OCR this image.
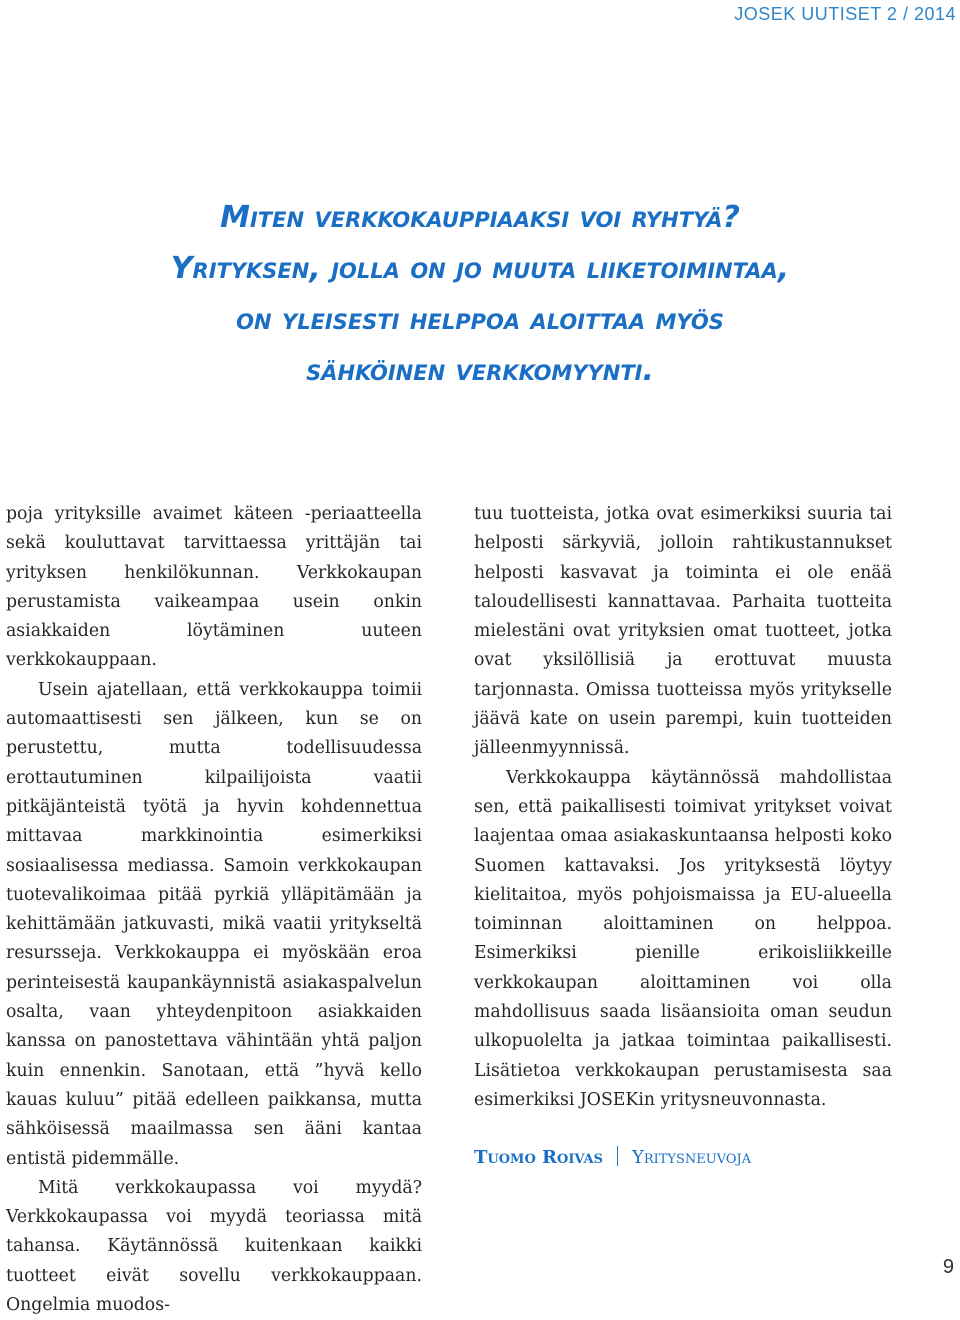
JOSEK UUTISET 2 / 2014
Miten verkkokauppiaaksi voi ryhtyä?
Yrityksen, jolla on jo muuta liiketoimintaa,
on yleisesti helppoa aloittaa myös
sähköinen verkkomyynti.

poja yrityksille avaimet käteen -periaatteella sekä kouluttavat tarvittaessa yrittäjän tai yrityksen henkilökunnan. Verkkokaupan perustamista vaikeampaa usein onkin asiakkaiden löytäminen uuteen verkkokauppaan.

Usein ajatellaan, että verkkokauppa toimii automaattisesti sen jälkeen, kun se on perustettu, mutta todellisuudessa erottautuminen kilpailijoista vaatii pitkäjänteistä työtä ja hyvin kohdennettua mittavaa markkinointia esimerkiksi sosiaalisessa mediassa. Samoin verkkokaupan tuotevalikoimaa pitää pyrkiä ylläpitämään ja kehittämään jatkuvasti, mikä vaatii yritykseltä resursseja. Verkkokauppa ei myöskään eroa perinteisestä kaupankäynnistä asiakaspalvelun osalta, vaan yhteydenpitoon asiakkaiden kanssa on panostettava vähintään yhtä paljon kuin ennenkin. Sanotaan, että ”hyvä kello kauas kuluu” pitää edelleen paikkansa, mutta sähköisessä maailmassa sen ääni kantaa entistä pidemmälle.

Mitä verkkokaupassa voi myydä? Verkkokaupassa voi myydä teoriassa mitä tahansa. Käytännössä kuitenkaan kaikki tuotteet eivät sovellu verkkokauppaan. Ongelmia muodos-

tuu tuotteista, jotka ovat esimerkiksi suuria tai helposti särkyviä, jolloin rahtikustannukset helposti kasvavat ja toiminta ei ole enää taloudellisesti kannattavaa. Parhaita tuotteita mielestäni ovat yrityksien omat tuotteet, jotka ovat yksilöllisiä ja erottuvat muusta tarjonnasta. Omissa tuotteissa myös yritykselle jäävä kate on usein parempi, kuin tuotteiden jälleenmyynnissä.

Verkkokauppa käytännössä mahdollistaa sen, että paikallisesti toimivat yritykset voivat laajentaa omaa asiakaskuntaansa helposti koko Suomen kattavaksi. Jos yrityksestä löytyy kielitaitoa, myös pohjoismaissa ja EU-alueella toiminnan aloittaminen on helppoa. Esimerkiksi pienille erikoisliikkeille verkkokaupan aloittaminen voi olla mahdollisuus saada lisäansioita oman seudun ulkopuolelta ja jatkaa toimintaa paikallisesti. Lisätietoa verkkokaupan perustamisesta saa esimerkiksi JOSEKin yritysneuvonnasta.

Tuomo Roivas Yritysneuvoja

9
